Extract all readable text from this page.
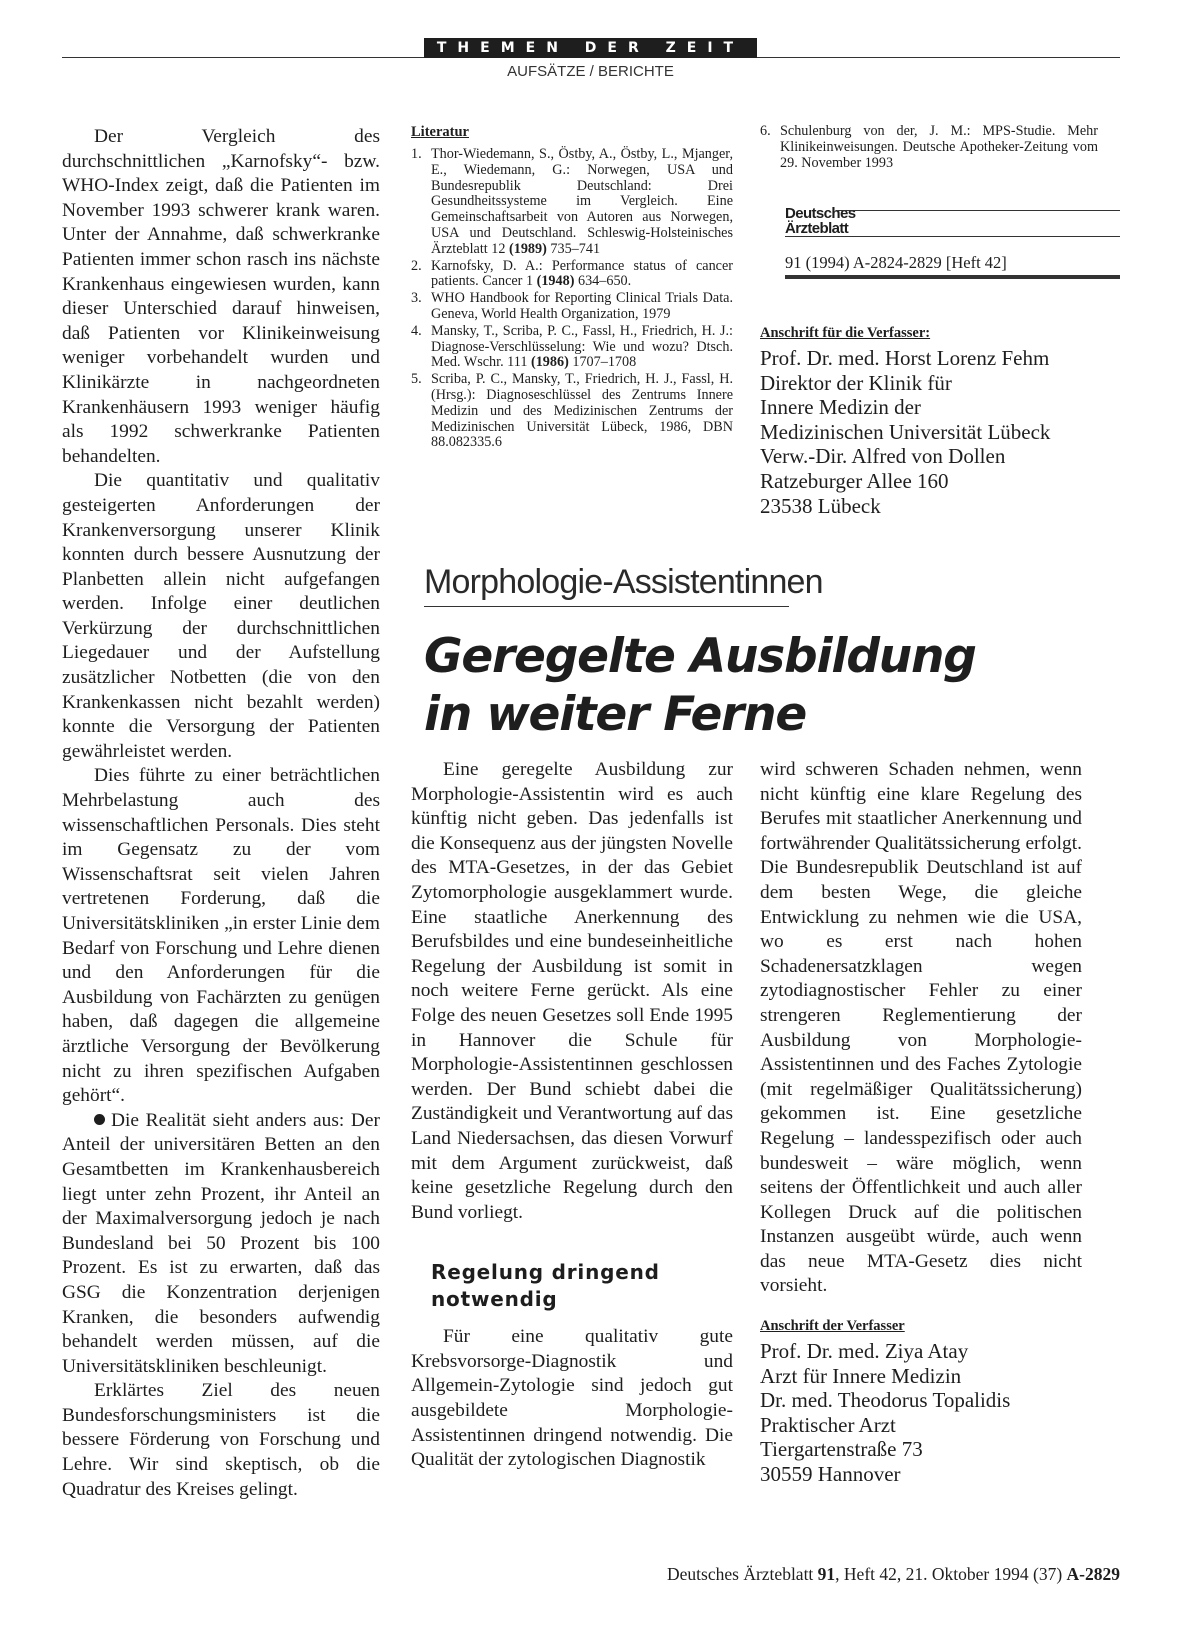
THEMEN DER ZEIT
AUFSÄTZE / BERICHTE

Der Vergleich des durchschnittlichen „Karnofsky“- bzw. WHO-Index zeigt, daß die Patienten im November 1993 schwerer krank waren. Unter der Annahme, daß schwerkranke Patienten immer schon rasch ins nächste Krankenhaus eingewiesen wurden, kann dieser Unterschied darauf hinweisen, daß Patienten vor Klinikeinweisung weniger vorbehandelt wurden und Klinikärzte in nachgeordneten Krankenhäusern 1993 weniger häufig als 1992 schwerkranke Patienten behandelten.

Die quantitativ und qualitativ gesteigerten Anforderungen der Krankenversorgung unserer Klinik konnten durch bessere Ausnutzung der Planbetten allein nicht aufgefangen werden. Infolge einer deutlichen Verkürzung der durchschnittlichen Liegedauer und der Aufstellung zusätzlicher Notbetten (die von den Krankenkassen nicht bezahlt werden) konnte die Versorgung der Patienten gewährleistet werden.

Dies führte zu einer beträchtlichen Mehrbelastung auch des wissenschaftlichen Personals. Dies steht im Gegensatz zu der vom Wissenschaftsrat seit vielen Jahren vertretenen Forderung, daß die Universitätskliniken „in erster Linie dem Bedarf von Forschung und Lehre dienen und den Anforderungen für die Ausbildung von Fachärzten zu genügen haben, daß dagegen die allgemeine ärztliche Versorgung der Bevölkerung nicht zu ihren spezifischen Aufgaben gehört“.

Die Realität sieht anders aus: Der Anteil der universitären Betten an den Gesamtbetten im Krankenhausbereich liegt unter zehn Prozent, ihr Anteil an der Maximalversorgung jedoch je nach Bundesland bei 50 Prozent bis 100 Prozent. Es ist zu erwarten, daß das GSG die Konzentration derjenigen Kranken, die besonders aufwendig behandelt werden müssen, auf die Universitätskliniken beschleunigt.

Erklärtes Ziel des neuen Bundesforschungsministers ist die bessere Förderung von Forschung und Lehre. Wir sind skeptisch, ob die Quadratur des Kreises gelingt.

Literatur
1. Thor-Wiedemann, S., Östby, A., Östby, L., Mjanger, E., Wiedemann, G.: Norwegen, USA und Bundesrepublik Deutschland: Drei Gesundheitssysteme im Vergleich. Eine Gemeinschaftsarbeit von Autoren aus Norwegen, USA und Deutschland. Schleswig-Holsteinisches Ärzteblatt 12 (1989) 735–741
2. Karnofsky, D. A.: Performance status of cancer patients. Cancer 1 (1948) 634–650.
3. WHO Handbook for Reporting Clinical Trials Data. Geneva, World Health Organization, 1979
4. Mansky, T., Scriba, P. C., Fassl, H., Friedrich, H. J.: Diagnose-Verschlüsselung: Wie und wozu? Dtsch. Med. Wschr. 111 (1986) 1707–1708
5. Scriba, P. C., Mansky, T., Friedrich, H. J., Fassl, H. (Hrsg.): Diagnoseschlüssel des Zentrums Innere Medizin und des Medizinischen Zentrums der Medizinischen Universität Lübeck, 1986, DBN 88.082335.6
6. Schulenburg von der, J. M.: MPS-Studie. Mehr Klinikeinweisungen. Deutsche Apotheker-Zeitung vom 29. November 1993
Deutsches
Ärzteblatt
91 (1994) A-2824-2829 [Heft 42]
Anschrift für die Verfasser:
Prof. Dr. med. Horst Lorenz Fehm
Direktor der Klinik für
Innere Medizin der
Medizinischen Universität Lübeck
Verw.-Dir. Alfred von Dollen
Ratzeburger Allee 160
23538 Lübeck
Morphologie-Assistentinnen
Geregelte Ausbildung
in weiter Ferne

Eine geregelte Ausbildung zur Morphologie-Assistentin wird es auch künftig nicht geben. Das jedenfalls ist die Konsequenz aus der jüngsten Novelle des MTA-Gesetzes, in der das Gebiet Zytomorphologie ausgeklammert wurde. Eine staatliche Anerkennung des Berufsbildes und eine bundeseinheitliche Regelung der Ausbildung ist somit in noch weitere Ferne gerückt. Als eine Folge des neuen Gesetzes soll Ende 1995 in Hannover die Schule für Morphologie-Assistentinnen geschlossen werden. Der Bund schiebt dabei die Zuständigkeit und Verantwortung auf das Land Niedersachsen, das diesen Vorwurf mit dem Argument zurückweist, daß keine gesetzliche Regelung durch den Bund vorliegt.

Regelung dringend
notwendig

Für eine qualitativ gute Krebsvorsorge-Diagnostik und Allgemein-Zytologie sind jedoch gut ausgebildete Morphologie-Assistentinnen dringend notwendig. Die Qualität der zytologischen Diagnostik

wird schweren Schaden nehmen, wenn nicht künftig eine klare Regelung des Berufes mit staatlicher Anerkennung und fortwährender Qualitätssicherung erfolgt. Die Bundesrepublik Deutschland ist auf dem besten Wege, die gleiche Entwicklung zu nehmen wie die USA, wo es erst nach hohen Schadenersatzklagen wegen zytodiagnostischer Fehler zu einer strengeren Reglementierung der Ausbildung von Morphologie-Assistentinnen und des Faches Zytologie (mit regelmäßiger Qualitätssicherung) gekommen ist. Eine gesetzliche Regelung – landesspezifisch oder auch bundesweit – wäre möglich, wenn seitens der Öffentlichkeit und auch aller Kollegen Druck auf die politischen Instanzen ausgeübt würde, auch wenn das neue MTA-Gesetz dies nicht vorsieht.

Anschrift der Verfasser
Prof. Dr. med. Ziya Atay
Arzt für Innere Medizin
Dr. med. Theodorus Topalidis
Praktischer Arzt
Tiergartenstraße 73
30559 Hannover
Deutsches Ärzteblatt 91, Heft 42, 21. Oktober 1994 (37) A-2829
